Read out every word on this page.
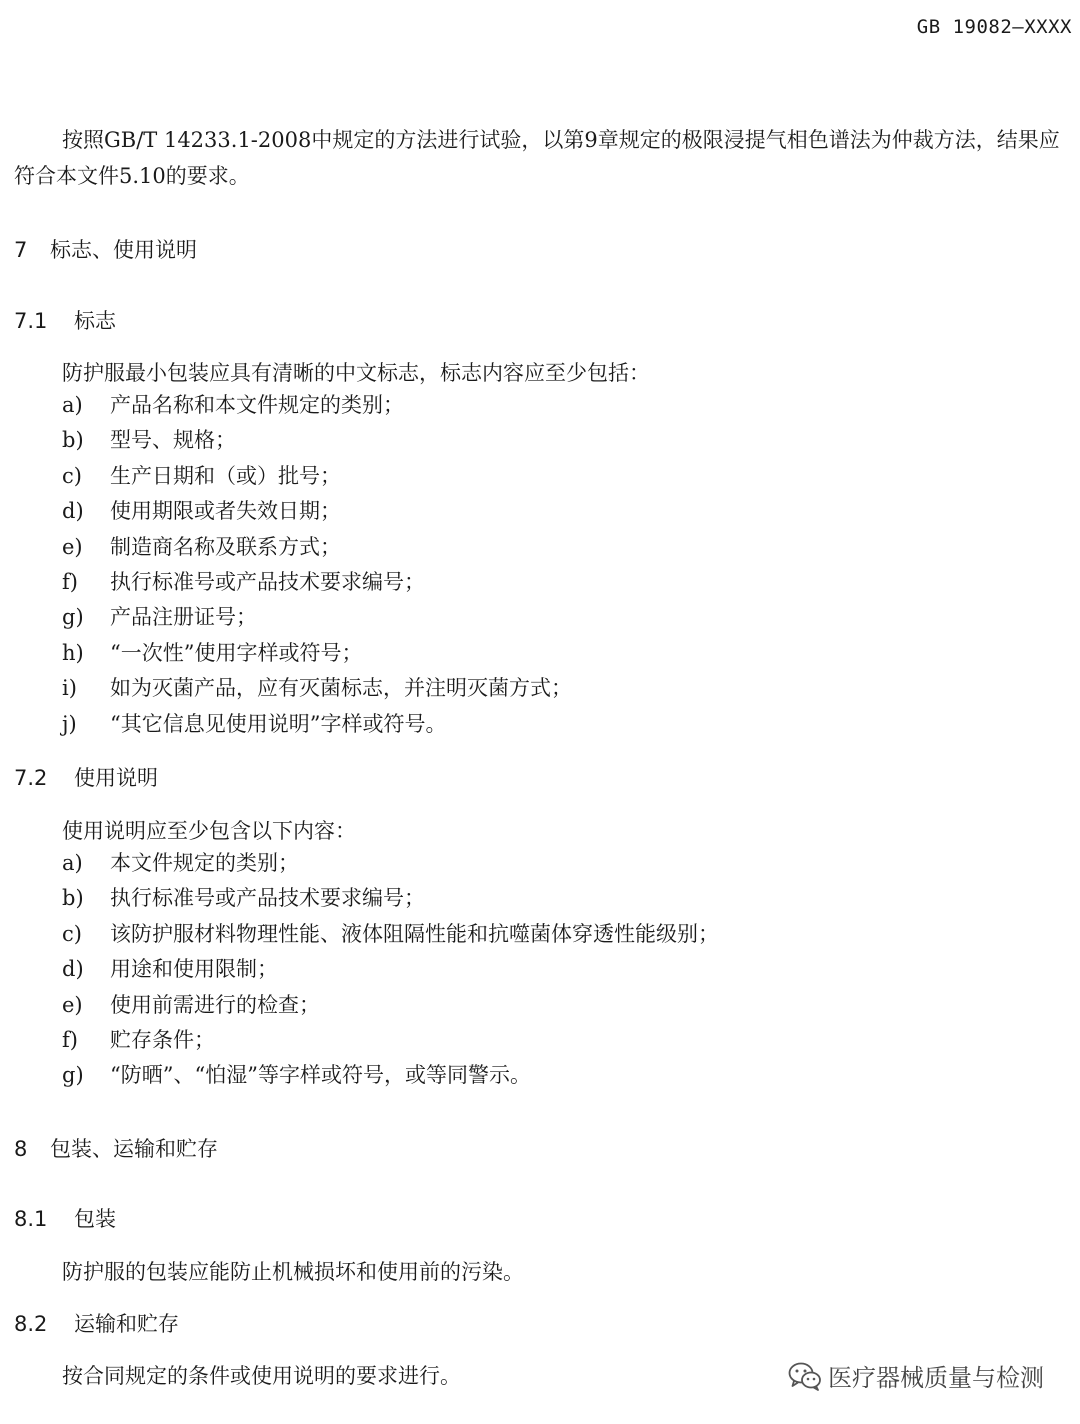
GB 19082—XXXX

按照GB/T 14233.1-2008中规定的方法进行试验，以第9章规定的极限浸提气相色谱法为仲裁方法，结果应符合本文件5.10的要求。

7 标志、使用说明
7.1 标志

防护服最小包装应具有清晰的中文标志，标志内容应至少包括：

a) 产品名称和本文件规定的类别；
b) 型号、规格；
c) 生产日期和（或）批号；
d) 使用期限或者失效日期；
e) 制造商名称及联系方式；
f) 执行标准号或产品技术要求编号；
g) 产品注册证号；
h) “一次性”使用字样或符号；
i) 如为灭菌产品，应有灭菌标志，并注明灭菌方式；
j) “其它信息见使用说明”字样或符号。
7.2 使用说明

使用说明应至少包含以下内容：

a) 本文件规定的类别；
b) 执行标准号或产品技术要求编号；
c) 该防护服材料物理性能、液体阻隔性能和抗噬菌体穿透性能级别；
d) 用途和使用限制；
e) 使用前需进行的检查；
f) 贮存条件；
g) “防晒”、“怕湿”等字样或符号，或等同警示。
8 包装、运输和贮存
8.1 包装

防护服的包装应能防止机械损坏和使用前的污染。

8.2 运输和贮存

按合同规定的条件或使用说明的要求进行。	医疗器械质量与检测
